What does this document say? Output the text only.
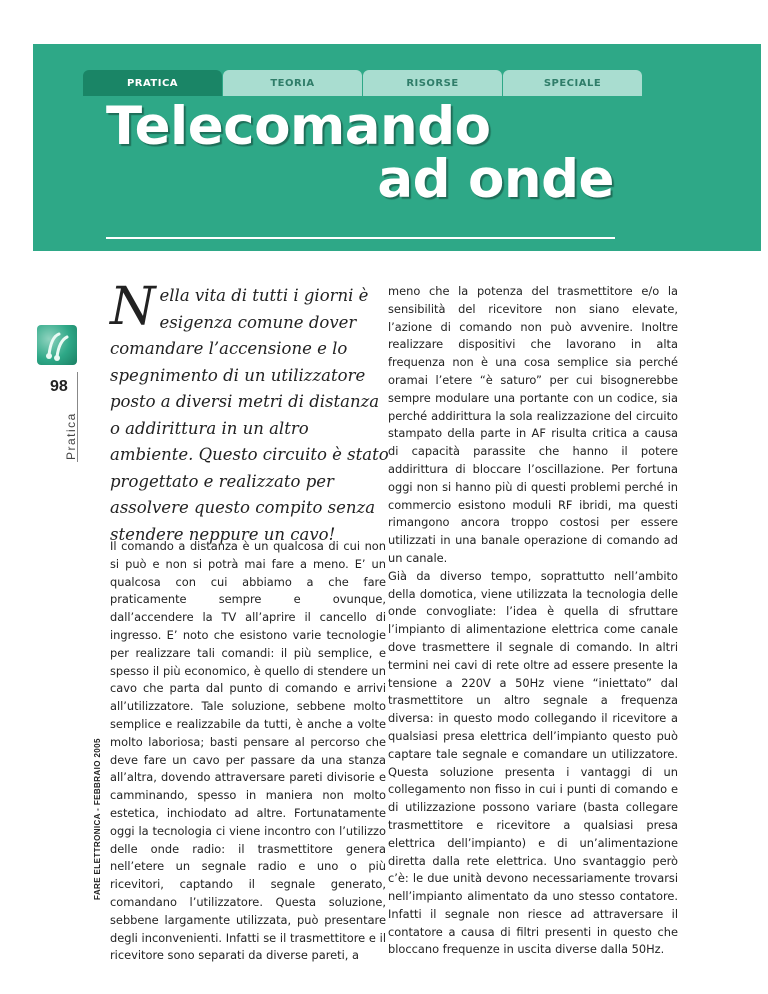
PRATICA	TEORIA	RISORSE	SPECIALE
Telecomando
ad onde
98
Pratica
FARE ELETTRONICA - FEBBRAIO 2005
Nella vita di tutti i giorni è esigenza comune dover comandare l’accensione e lo spegnimento di un utilizzatore posto a diversi metri di distanza o addirittura in un altro ambiente. Questo circuito è stato progettato e realizzato per assolvere questo compito senza stendere neppure un cavo!

Il comando a distanza è un qualcosa di cui non si può e non si potrà mai fare a meno. E’ un qualcosa con cui abbiamo a che fare praticamente sempre e ovunque, dall’accendere la TV all’aprire il cancello di ingresso. E’ noto che esistono varie tecnologie per realizzare tali comandi: il più semplice, e spesso il più economico, è quello di stendere un cavo che parta dal punto di comando e arrivi all’utilizzatore. Tale soluzione, sebbene molto semplice e realizzabile da tutti, è anche a volte molto laboriosa; basti pensare al percorso che deve fare un cavo per passare da una stanza all’altra, dovendo attraversare pareti divisorie e camminando, spesso in maniera non molto estetica, inchiodato ad altre. Fortunatamente oggi la tecnologia ci viene incontro con l’utilizzo delle onde radio: il trasmettitore genera nell’etere un segnale radio e uno o più ricevitori, captando il segnale generato, comandano l’utilizzatore. Questa soluzione, sebbene largamente utilizzata, può presentare degli inconvenienti. Infatti se il trasmettitore e il ricevitore sono separati da diverse pareti, a

meno che la potenza del trasmettitore e/o la sensibilità del ricevitore non siano elevate, l’azione di comando non può avvenire. Inoltre realizzare dispositivi che lavorano in alta frequenza non è una cosa semplice sia perché oramai l’etere “è saturo” per cui bisognerebbe sempre modulare una portante con un codice, sia perché addirittura la sola realizzazione del circuito stampato della parte in AF risulta critica a causa di capacità parassite che hanno il potere addirittura di bloccare l’oscillazione. Per fortuna oggi non si hanno più di questi problemi perché in commercio esistono moduli RF ibridi, ma questi rimangono ancora troppo costosi per essere utilizzati in una banale operazione di comando ad un canale.

Già da diverso tempo, soprattutto nell’ambito della domotica, viene utilizzata la tecnologia delle onde convogliate: l’idea è quella di sfruttare l’impianto di alimentazione elettrica come canale dove trasmettere il segnale di comando. In altri termini nei cavi di rete oltre ad essere presente la tensione a 220V a 50Hz viene “iniettato” dal trasmettitore un altro segnale a frequenza diversa: in questo modo collegando il ricevitore a qualsiasi presa elettrica dell’impianto questo può captare tale segnale e comandare un utilizzatore. Questa soluzione presenta i vantaggi di un collegamento non fisso in cui i punti di comando e di utilizzazione possono variare (basta collegare trasmettitore e ricevitore a qualsiasi presa elettrica dell’impianto) e di un’alimentazione diretta dalla rete elettrica. Uno svantaggio però c’è: le due unità devono necessariamente trovarsi nell’impianto alimentato da uno stesso contatore. Infatti il segnale non riesce ad attraversare il contatore a causa di filtri presenti in questo che bloccano frequenze in uscita diverse dalla 50Hz.
